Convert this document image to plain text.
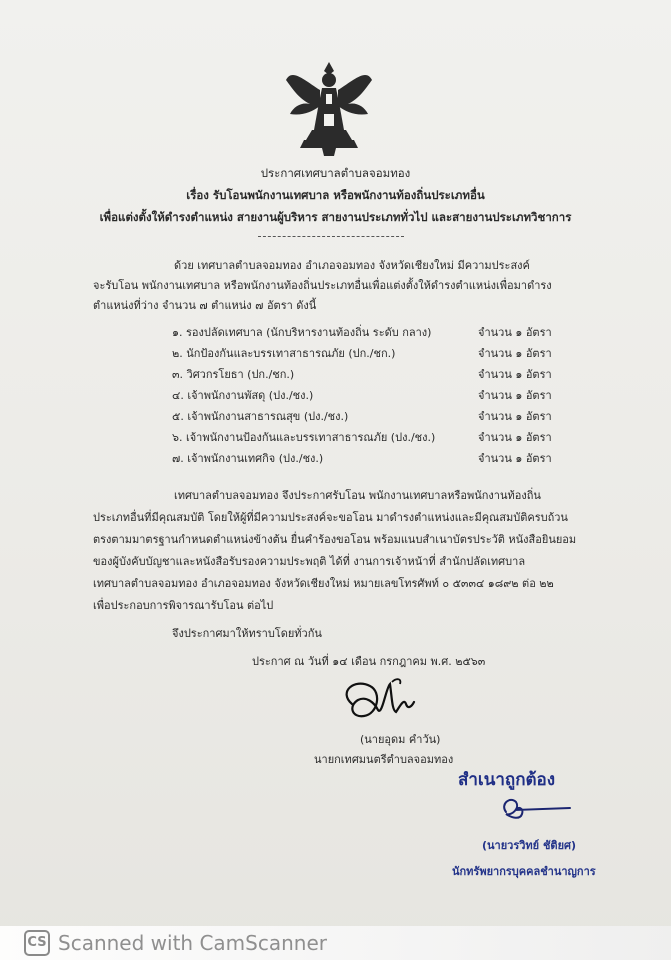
ประกาศเทศบาลตำบลจอมทอง
เรื่อง รับโอนพนักงานเทศบาล หรือพนักงานท้องถิ่นประเภทอื่น
เพื่อแต่งตั้งให้ดำรงตำแหน่ง สายงานผู้บริหาร สายงานประเภททั่วไป และสายงานประเภทวิชาการ
ด้วย เทศบาลตำบลจอมทอง อำเภอจอมทอง จังหวัดเชียงใหม่ มีความประสงค์
จะรับโอน พนักงานเทศบาล หรือพนักงานท้องถิ่นประเภทอื่นเพื่อแต่งตั้งให้ดำรงตำแหน่งเพื่อมาดำรง
ตำแหน่งที่ว่าง จำนวน ๗ ตำแหน่ง ๗ อัตรา ดังนี้
๑. รองปลัดเทศบาล (นักบริหารงานท้องถิ่น ระดับ กลาง)	จำนวน ๑ อัตรา
๒. นักป้องกันและบรรเทาสาธารณภัย (ปก./ชก.)	จำนวน ๑ อัตรา
๓. วิศวกรโยธา (ปก./ชก.)	จำนวน ๑ อัตรา
๔. เจ้าพนักงานพัสดุ (ปง./ชง.)	จำนวน ๑ อัตรา
๕. เจ้าพนักงานสาธารณสุข (ปง./ชง.)	จำนวน ๑ อัตรา
๖. เจ้าพนักงานป้องกันและบรรเทาสาธารณภัย (ปง./ชง.)	จำนวน ๑ อัตรา
๗. เจ้าพนักงานเทศกิจ (ปง./ชง.)	จำนวน ๑ อัตรา
เทศบาลตำบลจอมทอง จึงประกาศรับโอน พนักงานเทศบาลหรือพนักงานท้องถิ่น
ประเภทอื่นที่มีคุณสมบัติ โดยให้ผู้ที่มีความประสงค์จะขอโอน มาดำรงตำแหน่งและมีคุณสมบัติครบถ้วน
ตรงตามมาตรฐานกำหนดตำแหน่งข้างต้น ยื่นคำร้องขอโอน พร้อมแนบสำเนาบัตรประวัติ หนังสือยินยอม
ของผู้บังคับบัญชาและหนังสือรับรองความประพฤติ ได้ที่ งานการเจ้าหน้าที่ สำนักปลัดเทศบาล
เทศบาลตำบลจอมทอง อำเภอจอมทอง จังหวัดเชียงใหม่ หมายเลขโทรศัพท์ ๐ ๕๓๓๔ ๑๘๙๒ ต่อ ๒๒
เพื่อประกอบการพิจารณารับโอน ต่อไป
จึงประกาศมาให้ทราบโดยทั่วกัน
ประกาศ ณ วันที่ ๑๔ เดือน กรกฎาคม พ.ศ. ๒๕๖๓
(นายอุดม คำวัน)
นายกเทศมนตรีตำบลจอมทอง
สำเนาถูกต้อง
(นายวรวิทย์ ชัติยศ)
นักทรัพยากรบุคคลชำนาญการ
CS Scanned with CamScanner
